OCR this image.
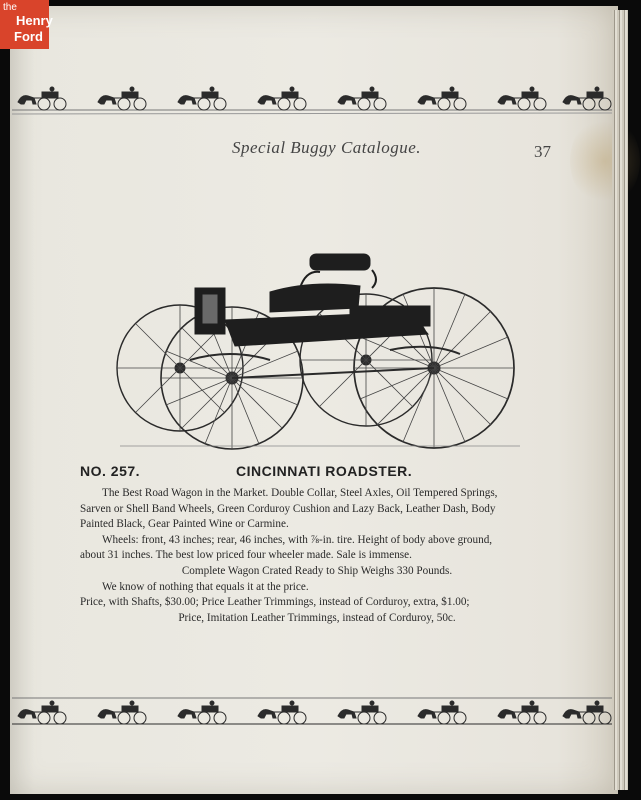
the
Henry
Ford
Special Buggy Catalogue.	37
NO. 257.	CINCINNATI ROADSTER.

The Best Road Wagon in the Market. Double Collar, Steel Axles, Oil Tempered Springs,

Sarven or Shell Band Wheels, Green Corduroy Cushion and Lazy Back, Leather Dash, Body

Painted Black, Gear Painted Wine or Carmine.

Wheels: front, 43 inches; rear, 46 inches, with ⅞-in. tire. Height of body above ground,

about 31 inches. The best low priced four wheeler made. Sale is immense.

Complete Wagon Crated Ready to Ship Weighs 330 Pounds.

We know of nothing that equals it at the price.

Price, with Shafts, $30.00; Price Leather Trimmings, instead of Corduroy, extra, $1.00;

Price, Imitation Leather Trimmings, instead of Corduroy, 50c.
